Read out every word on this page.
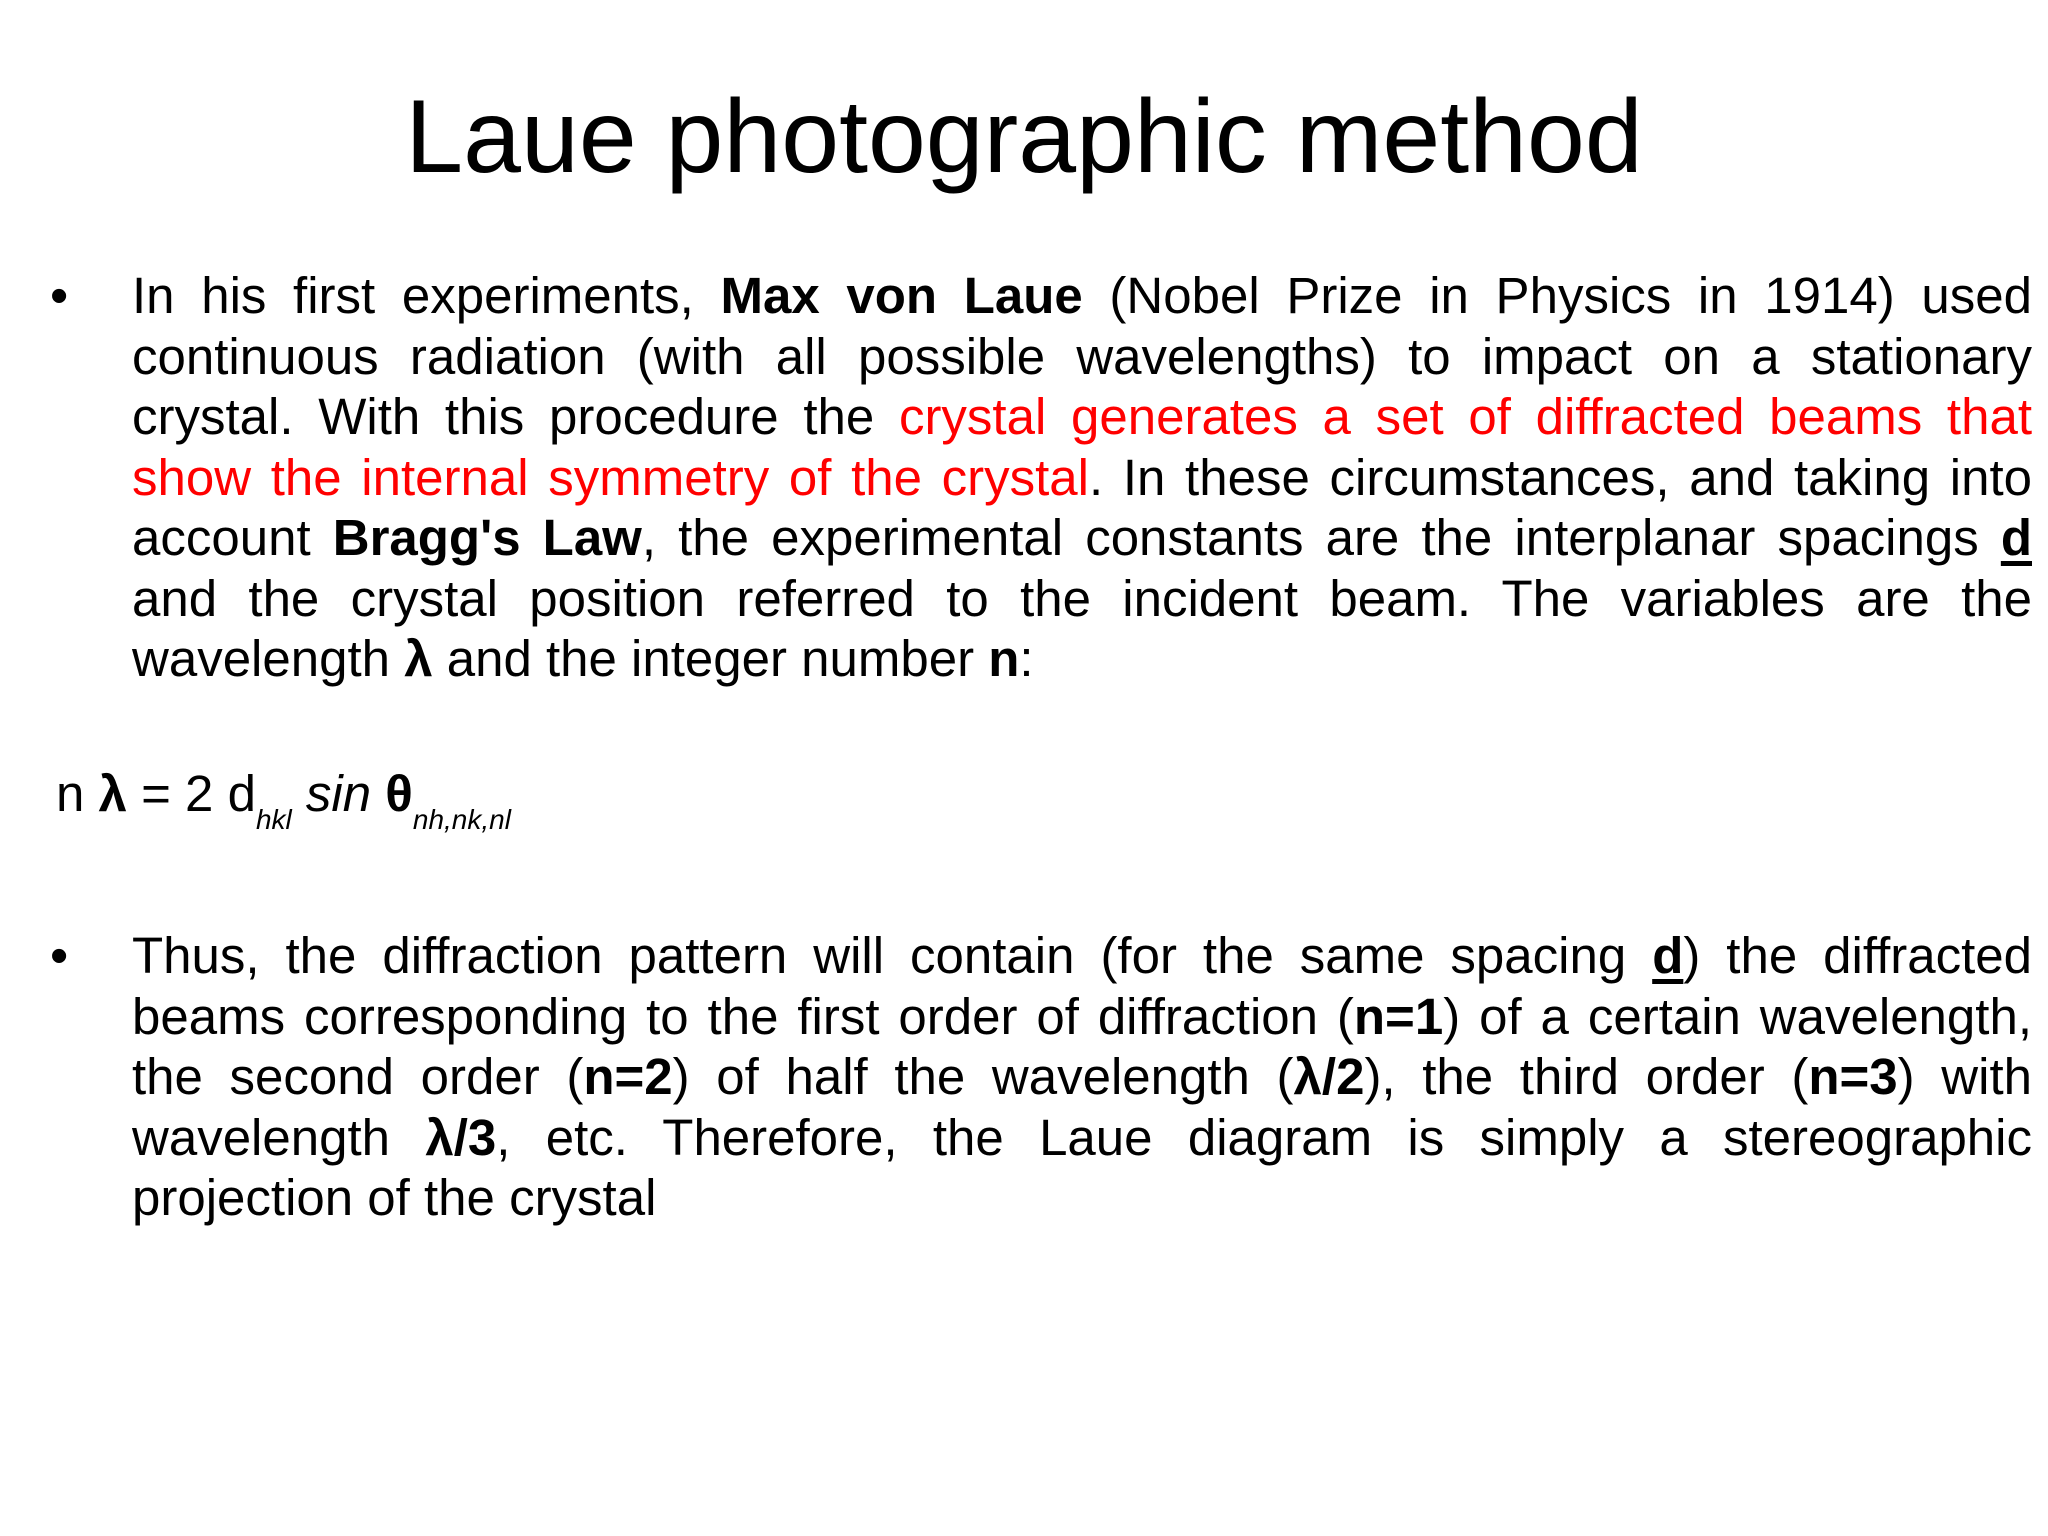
Laue photographic method
• In his first experiments, Max von Laue (Nobel Prize in Physics in 1914) used continuous radiation (with all possible wavelengths) to impact on a stationary crystal. With this procedure the crystal generates a set of diffracted beams that show the internal symmetry of the crystal. In these circumstances, and taking into account Bragg's Law, the experimental constants are the interplanar spacings d and the crystal position referred to the incident beam. The variables are the wavelength λ and the integer number n:

n λ = 2 $d_{hkl}$ $\sin \theta_{nh,nk,nl}$
• Thus, the diffraction pattern will contain (for the same spacing d) the diffracted beams corresponding to the first order of diffraction (n=1) of a certain wavelength, the second order (n=2) of half the wavelength (λ/2), the third order (n=3) with wavelength λ/3, etc. Therefore, the Laue diagram is simply a stereographic projection of the crystal
